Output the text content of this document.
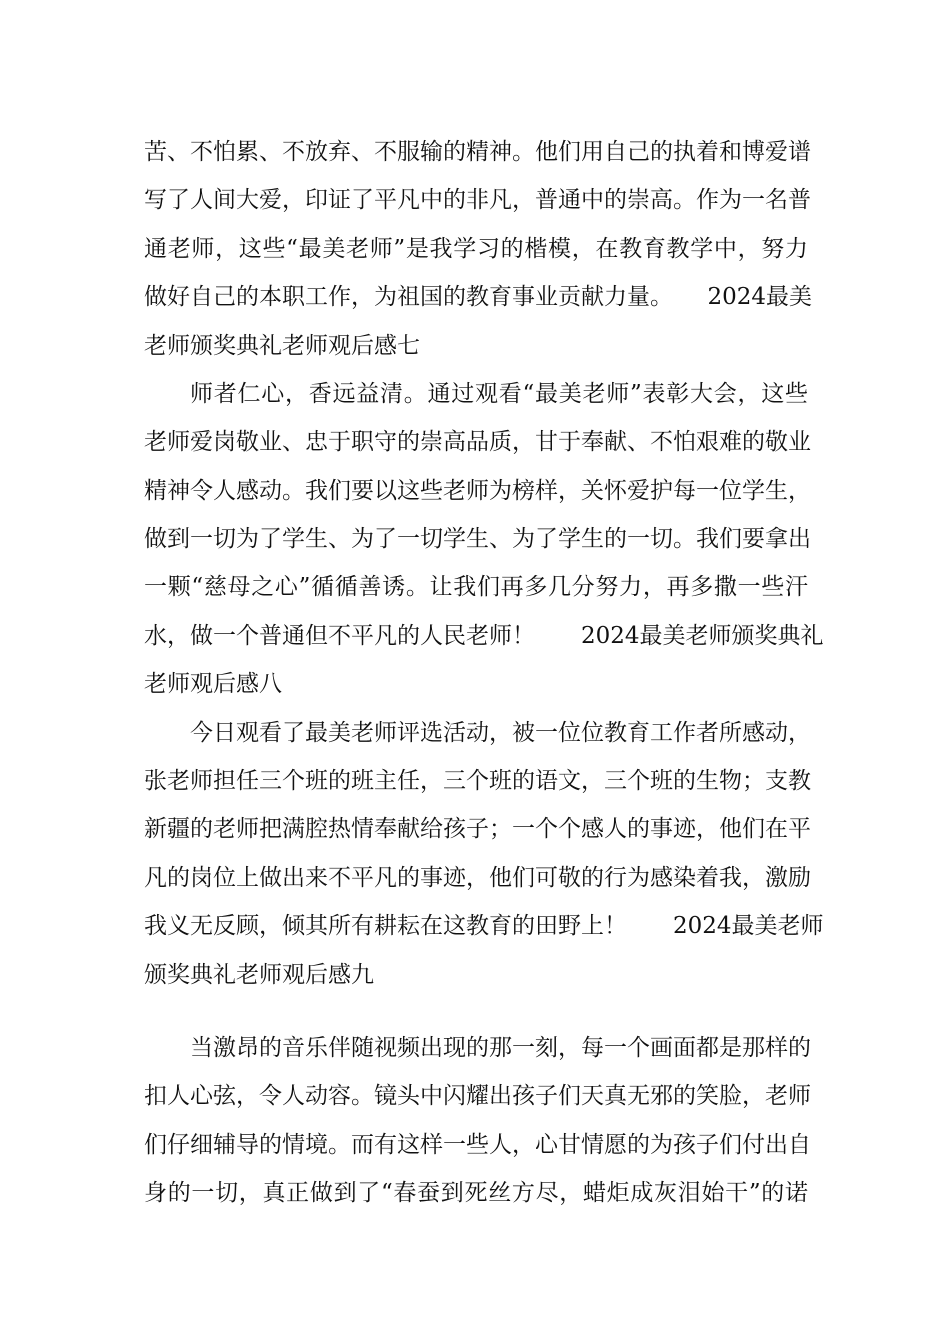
苦、不怕累、不放弃、不服输的精神。他们用自己的执着和博爱谱
写了人间大爱，印证了平凡中的非凡，普通中的崇高。作为一名普
通老师，这些“最美老师”是我学习的楷模，在教育教学中，努力
做好自己的本职工作，为祖国的教育事业贡献力量。　　2024最美
老师颁奖典礼老师观后感七
师者仁心，香远益清。通过观看“最美老师”表彰大会，这些
老师爱岗敬业、忠于职守的崇高品质，甘于奉献、不怕艰难的敬业
精神令人感动。我们要以这些老师为榜样，关怀爱护每一位学生，
做到一切为了学生、为了一切学生、为了学生的一切。我们要拿出
一颗“慈母之心”循循善诱。让我们再多几分努力，再多撒一些汗
水，做一个普通但不平凡的人民老师！　　2024最美老师颁奖典礼
老师观后感八
今日观看了最美老师评选活动，被一位位教育工作者所感动，
张老师担任三个班的班主任，三个班的语文，三个班的生物；支教
新疆的老师把满腔热情奉献给孩子；一个个感人的事迹，他们在平
凡的岗位上做出来不平凡的事迹，他们可敬的行为感染着我，激励
我义无反顾，倾其所有耕耘在这教育的田野上！　　2024最美老师
颁奖典礼老师观后感九
当激昂的音乐伴随视频出现的那一刻，每一个画面都是那样的
扣人心弦，令人动容。镜头中闪耀出孩子们天真无邪的笑脸，老师
们仔细辅导的情境。而有这样一些人，心甘情愿的为孩子们付出自
身的一切，真正做到了“春蚕到死丝方尽，蜡炬成灰泪始干”的诺
